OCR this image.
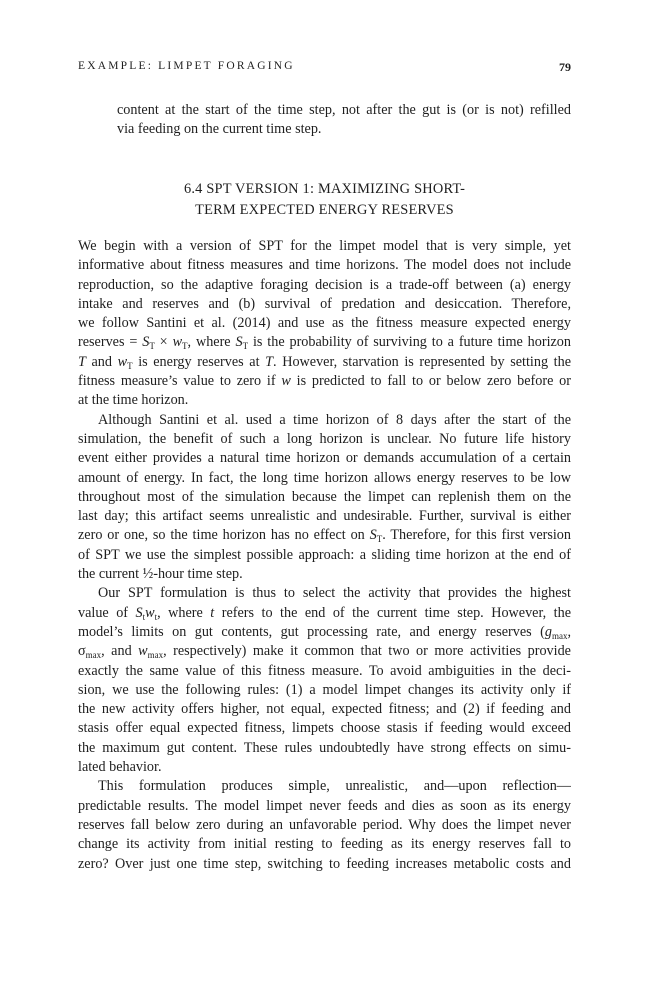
EXAMPLE: LIMPET FORAGING	79
content at the start of the time step, not after the gut is (or is not) refilled
via feeding on the current time step.
6.4 SPT VERSION 1: MAXIMIZING SHORT-
TERM EXPECTED ENERGY RESERVES
We begin with a version of SPT for the limpet model that is very simple, yet
informative about fitness measures and time horizons. The model does not include
reproduction, so the adaptive foraging decision is a trade-off between (a) energy
intake and reserves and (b) survival of predation and desiccation. Therefore,
we follow Santini et al. (2014) and use as the fitness measure expected energy
reserves = $S_T \times w_T$, where $S_T$ is the probability of surviving to a future time horizon
T and $w_T$ is energy reserves at T. However, starvation is represented by setting the
fitness measure’s value to zero if w is predicted to fall to or below zero before or
at the time horizon.
Although Santini et al. used a time horizon of 8 days after the start of the
simulation, the benefit of such a long horizon is unclear. No future life history
event either provides a natural time horizon or demands accumulation of a certain
amount of energy. In fact, the long time horizon allows energy reserves to be low
throughout most of the simulation because the limpet can replenish them on the
last day; this artifact seems unrealistic and undesirable. Further, survival is either
zero or one, so the time horizon has no effect on $S_T$. Therefore, for this first version
of SPT we use the simplest possible approach: a sliding time horizon at the end of
the current ½-hour time step.
Our SPT formulation is thus to select the activity that provides the highest
value of $S_tw_t$, where t refers to the end of the current time step. However, the
model’s limits on gut contents, gut processing rate, and energy reserves ($g_{max}$,
$\sigma_{max}$, and $w_{max}$, respectively) make it common that two or more activities provide
exactly the same value of this fitness measure. To avoid ambiguities in the deci-
sion, we use the following rules: (1) a model limpet changes its activity only if
the new activity offers higher, not equal, expected fitness; and (2) if feeding and
stasis offer equal expected fitness, limpets choose stasis if feeding would exceed
the maximum gut content. These rules undoubtedly have strong effects on simu-
lated behavior.
This formulation produces simple, unrealistic, and—upon reflection—
predictable results. The model limpet never feeds and dies as soon as its energy
reserves fall below zero during an unfavorable period. Why does the limpet never
change its activity from initial resting to feeding as its energy reserves fall to
zero? Over just one time step, switching to feeding increases metabolic costs and
